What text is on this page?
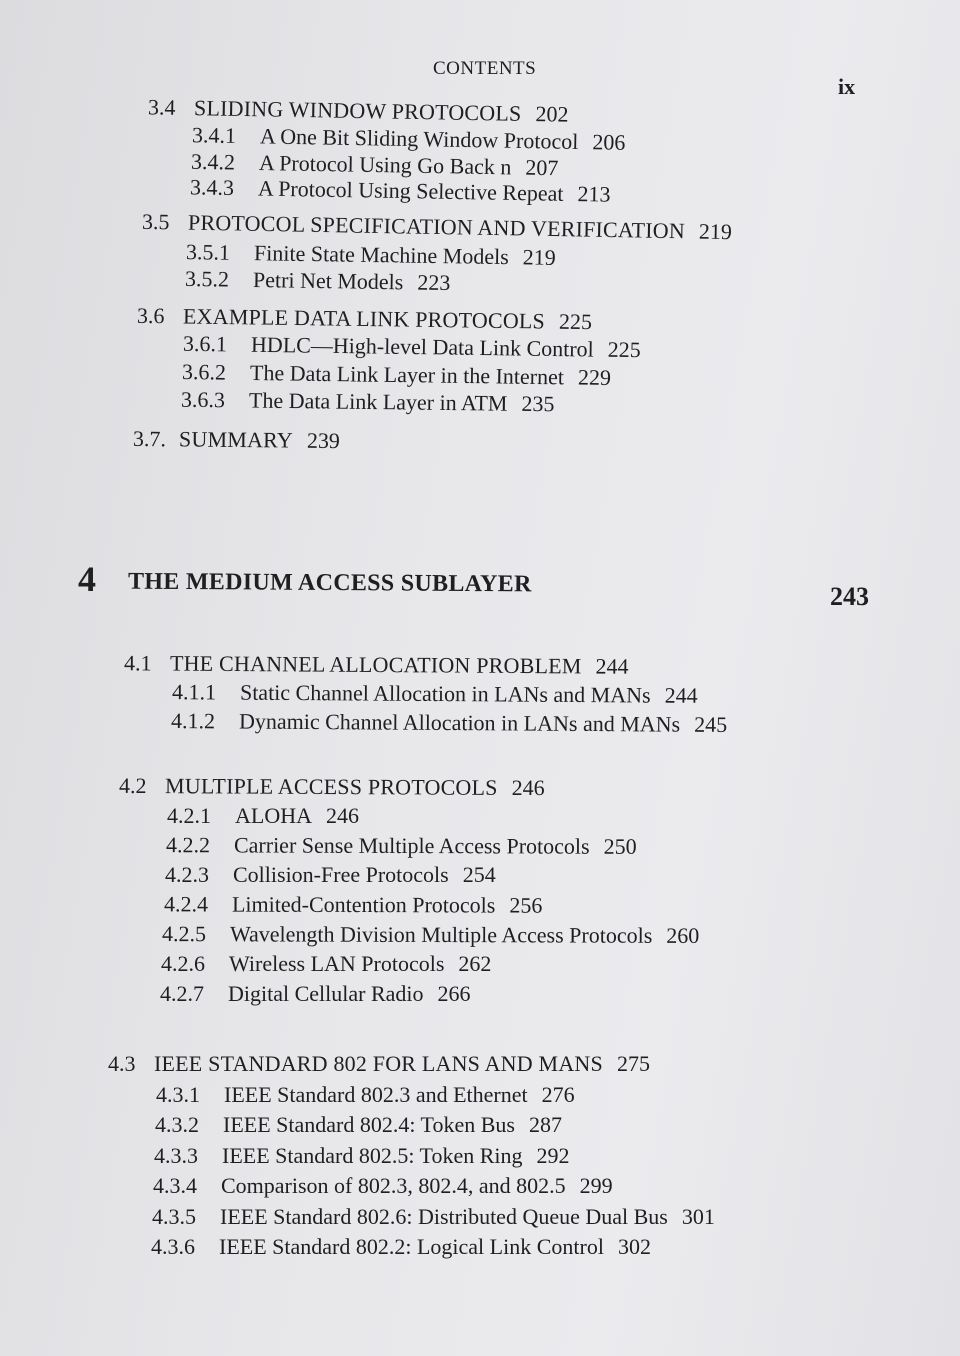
CONTENTS
ix
3.4 SLIDING WINDOW PROTOCOLS 202
3.4.1 A One Bit Sliding Window Protocol 206
3.4.2 A Protocol Using Go Back n 207
3.4.3 A Protocol Using Selective Repeat 213
3.5 PROTOCOL SPECIFICATION AND VERIFICATION 219
3.5.1 Finite State Machine Models 219
3.5.2 Petri Net Models 223
3.6 EXAMPLE DATA LINK PROTOCOLS 225
3.6.1 HDLC—High-level Data Link Control 225
3.6.2 The Data Link Layer in the Internet 229
3.6.3 The Data Link Layer in ATM 235
3.7. SUMMARY 239
4 THE MEDIUM ACCESS SUBLAYER	243
4.1 THE CHANNEL ALLOCATION PROBLEM 244
4.1.1 Static Channel Allocation in LANs and MANs 244
4.1.2 Dynamic Channel Allocation in LANs and MANs 245
4.2 MULTIPLE ACCESS PROTOCOLS 246
4.2.1 ALOHA 246
4.2.2 Carrier Sense Multiple Access Protocols 250
4.2.3 Collision-Free Protocols 254
4.2.4 Limited-Contention Protocols 256
4.2.5 Wavelength Division Multiple Access Protocols 260
4.2.6 Wireless LAN Protocols 262
4.2.7 Digital Cellular Radio 266
4.3 IEEE STANDARD 802 FOR LANS AND MANS 275
4.3.1 IEEE Standard 802.3 and Ethernet 276
4.3.2 IEEE Standard 802.4: Token Bus 287
4.3.3 IEEE Standard 802.5: Token Ring 292
4.3.4 Comparison of 802.3, 802.4, and 802.5 299
4.3.5 IEEE Standard 802.6: Distributed Queue Dual Bus 301
4.3.6 IEEE Standard 802.2: Logical Link Control 302
